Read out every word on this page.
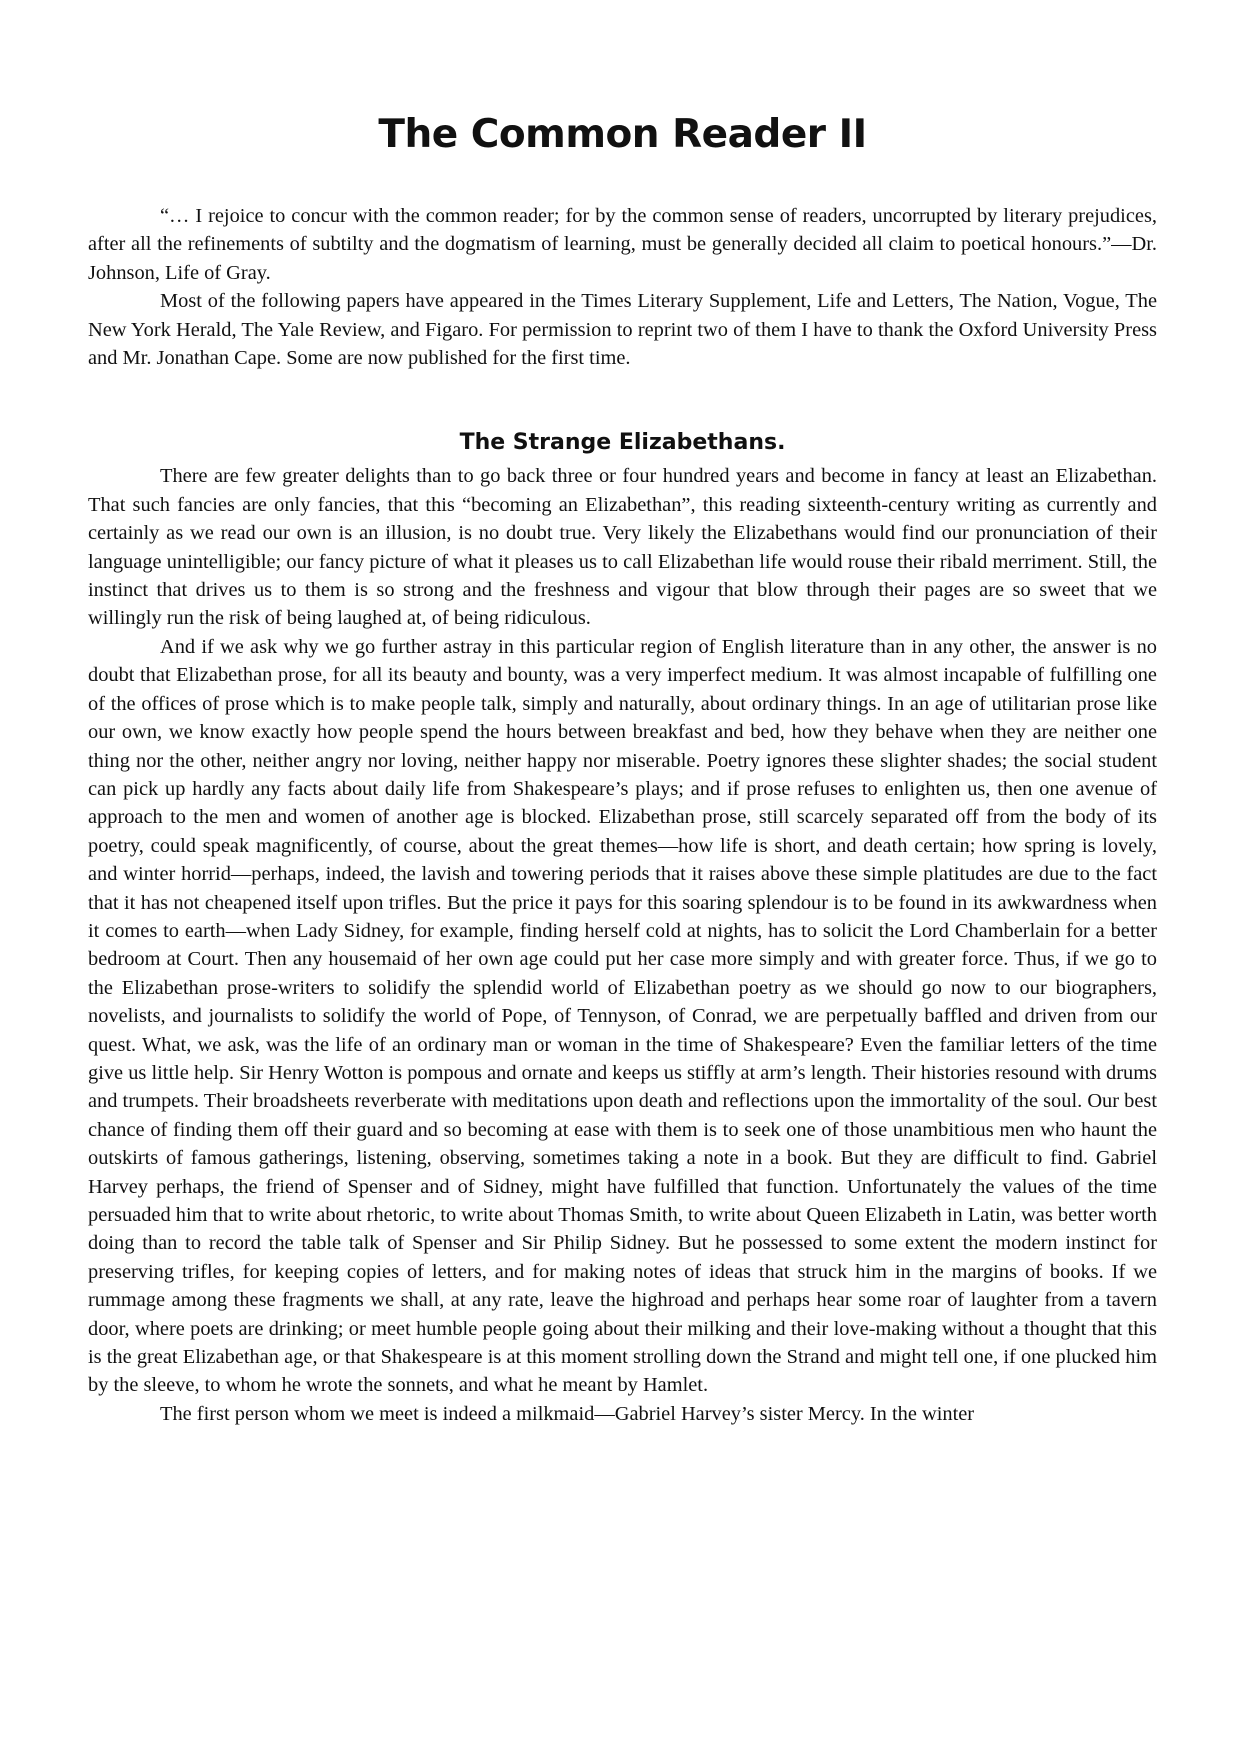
The Common Reader II

“… I rejoice to concur with the common reader; for by the common sense of readers, uncorrupted by literary prejudices, after all the refinements of subtilty and the dogmatism of learning, must be generally decided all claim to poetical honours.”—Dr. Johnson, Life of Gray.

Most of the following papers have appeared in the Times Literary Supplement, Life and Letters, The Nation, Vogue, The New York Herald, The Yale Review, and Figaro. For permission to reprint two of them I have to thank the Oxford University Press and Mr. Jonathan Cape. Some are now published for the first time.

The Strange Elizabethans.

There are few greater delights than to go back three or four hundred years and become in fancy at least an Elizabethan. That such fancies are only fancies, that this “becoming an Elizabethan”, this reading sixteenth-century writing as currently and certainly as we read our own is an illusion, is no doubt true. Very likely the Elizabethans would find our pronunciation of their language unintelligible; our fancy picture of what it pleases us to call Elizabethan life would rouse their ribald merriment. Still, the instinct that drives us to them is so strong and the freshness and vigour that blow through their pages are so sweet that we willingly run the risk of being laughed at, of being ridiculous.

And if we ask why we go further astray in this particular region of English literature than in any other, the answer is no doubt that Elizabethan prose, for all its beauty and bounty, was a very imperfect medium. It was almost incapable of fulfilling one of the offices of prose which is to make people talk, simply and naturally, about ordinary things. In an age of utilitarian prose like our own, we know exactly how people spend the hours between breakfast and bed, how they behave when they are neither one thing nor the other, neither angry nor loving, neither happy nor miserable. Poetry ignores these slighter shades; the social student can pick up hardly any facts about daily life from Shakespeare’s plays; and if prose refuses to enlighten us, then one avenue of approach to the men and women of another age is blocked. Elizabethan prose, still scarcely separated off from the body of its poetry, could speak magnificently, of course, about the great themes—how life is short, and death certain; how spring is lovely, and winter horrid—perhaps, indeed, the lavish and towering periods that it raises above these simple platitudes are due to the fact that it has not cheapened itself upon trifles. But the price it pays for this soaring splendour is to be found in its awkwardness when it comes to earth—when Lady Sidney, for example, finding herself cold at nights, has to solicit the Lord Chamberlain for a better bedroom at Court. Then any housemaid of her own age could put her case more simply and with greater force. Thus, if we go to the Elizabethan prose-writers to solidify the splendid world of Elizabethan poetry as we should go now to our biographers, novelists, and journalists to solidify the world of Pope, of Tennyson, of Conrad, we are perpetually baffled and driven from our quest. What, we ask, was the life of an ordinary man or woman in the time of Shakespeare? Even the familiar letters of the time give us little help. Sir Henry Wotton is pompous and ornate and keeps us stiffly at arm’s length. Their histories resound with drums and trumpets. Their broadsheets reverberate with meditations upon death and reflections upon the immortality of the soul. Our best chance of finding them off their guard and so becoming at ease with them is to seek one of those unambitious men who haunt the outskirts of famous gatherings, listening, observing, sometimes taking a note in a book. But they are difficult to find. Gabriel Harvey perhaps, the friend of Spenser and of Sidney, might have fulfilled that function. Unfortunately the values of the time persuaded him that to write about rhetoric, to write about Thomas Smith, to write about Queen Elizabeth in Latin, was better worth doing than to record the table talk of Spenser and Sir Philip Sidney. But he possessed to some extent the modern instinct for preserving trifles, for keeping copies of letters, and for making notes of ideas that struck him in the margins of books. If we rummage among these fragments we shall, at any rate, leave the highroad and perhaps hear some roar of laughter from a tavern door, where poets are drinking; or meet humble people going about their milking and their love-making without a thought that this is the great Elizabethan age, or that Shakespeare is at this moment strolling down the Strand and might tell one, if one plucked him by the sleeve, to whom he wrote the sonnets, and what he meant by Hamlet.

The first person whom we meet is indeed a milkmaid—Gabriel Harvey’s sister Mercy. In the winter
